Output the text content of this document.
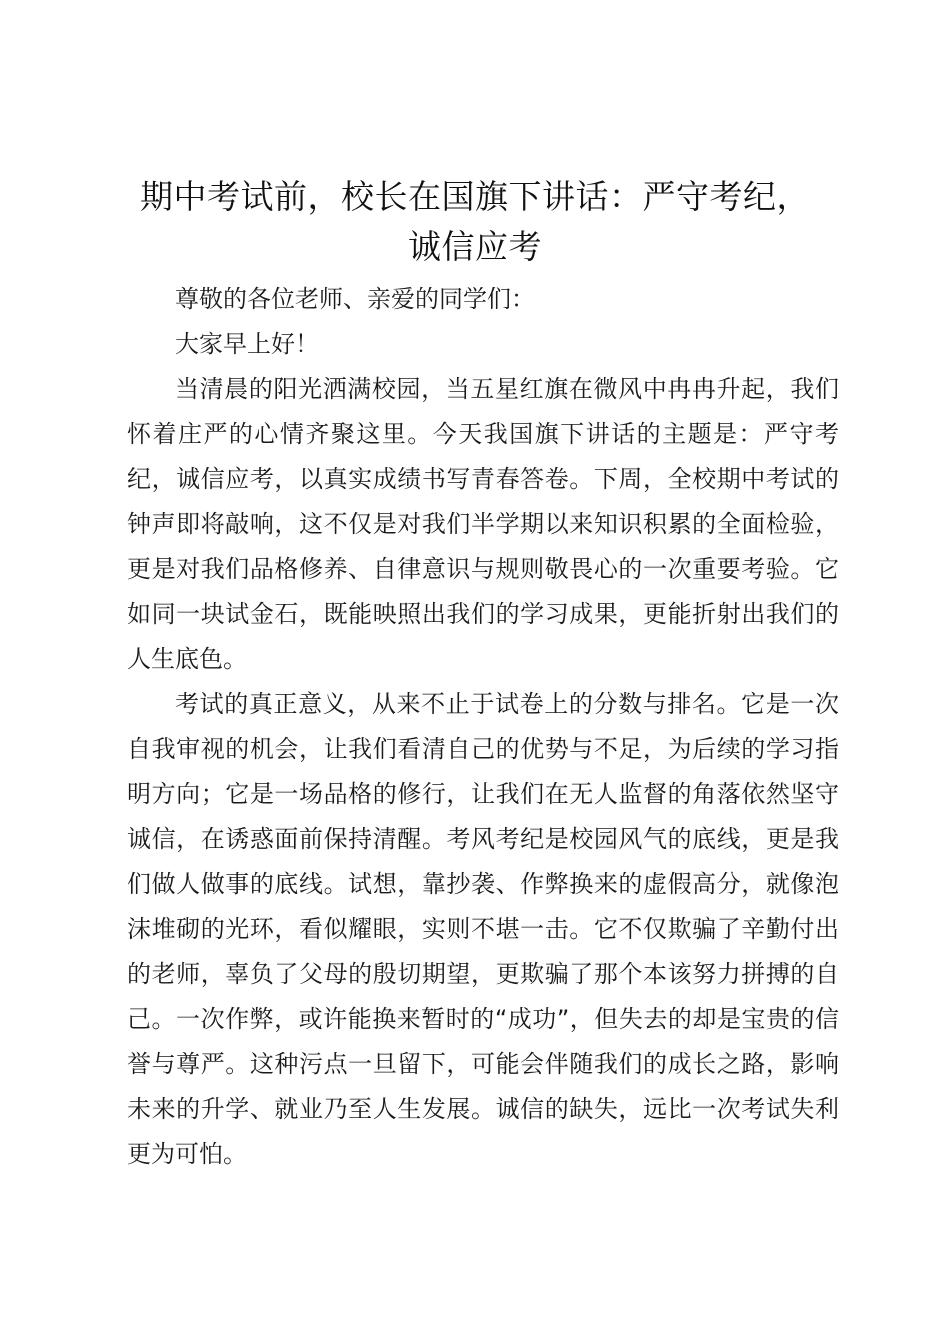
期中考试前，校长在国旗下讲话：严守考纪，
诚信应考

尊敬的各位老师、亲爱的同学们：

大家早上好！

当清晨的阳光洒满校园，当五星红旗在微风中冉冉升起，我们怀着庄严的心情齐聚这里。今天我国旗下讲话的主题是：严守考纪，诚信应考，以真实成绩书写青春答卷。下周，全校期中考试的钟声即将敲响，这不仅是对我们半学期以来知识积累的全面检验，更是对我们品格修养、自律意识与规则敬畏心的一次重要考验。它如同一块试金石，既能映照出我们的学习成果，更能折射出我们的人生底色。

考试的真正意义，从来不止于试卷上的分数与排名。它是一次自我审视的机会，让我们看清自己的优势与不足，为后续的学习指明方向；它是一场品格的修行，让我们在无人监督的角落依然坚守诚信，在诱惑面前保持清醒。考风考纪是校园风气的底线，更是我们做人做事的底线。试想，靠抄袭、作弊换来的虚假高分，就像泡沫堆砌的光环，看似耀眼，实则不堪一击。它不仅欺骗了辛勤付出的老师，辜负了父母的殷切期望，更欺骗了那个本该努力拼搏的自己。一次作弊，或许能换来暂时的“成功”，但失去的却是宝贵的信誉与尊严。这种污点一旦留下，可能会伴随我们的成长之路，影响未来的升学、就业乃至人生发展。诚信的缺失，远比一次考试失利更为可怕。
